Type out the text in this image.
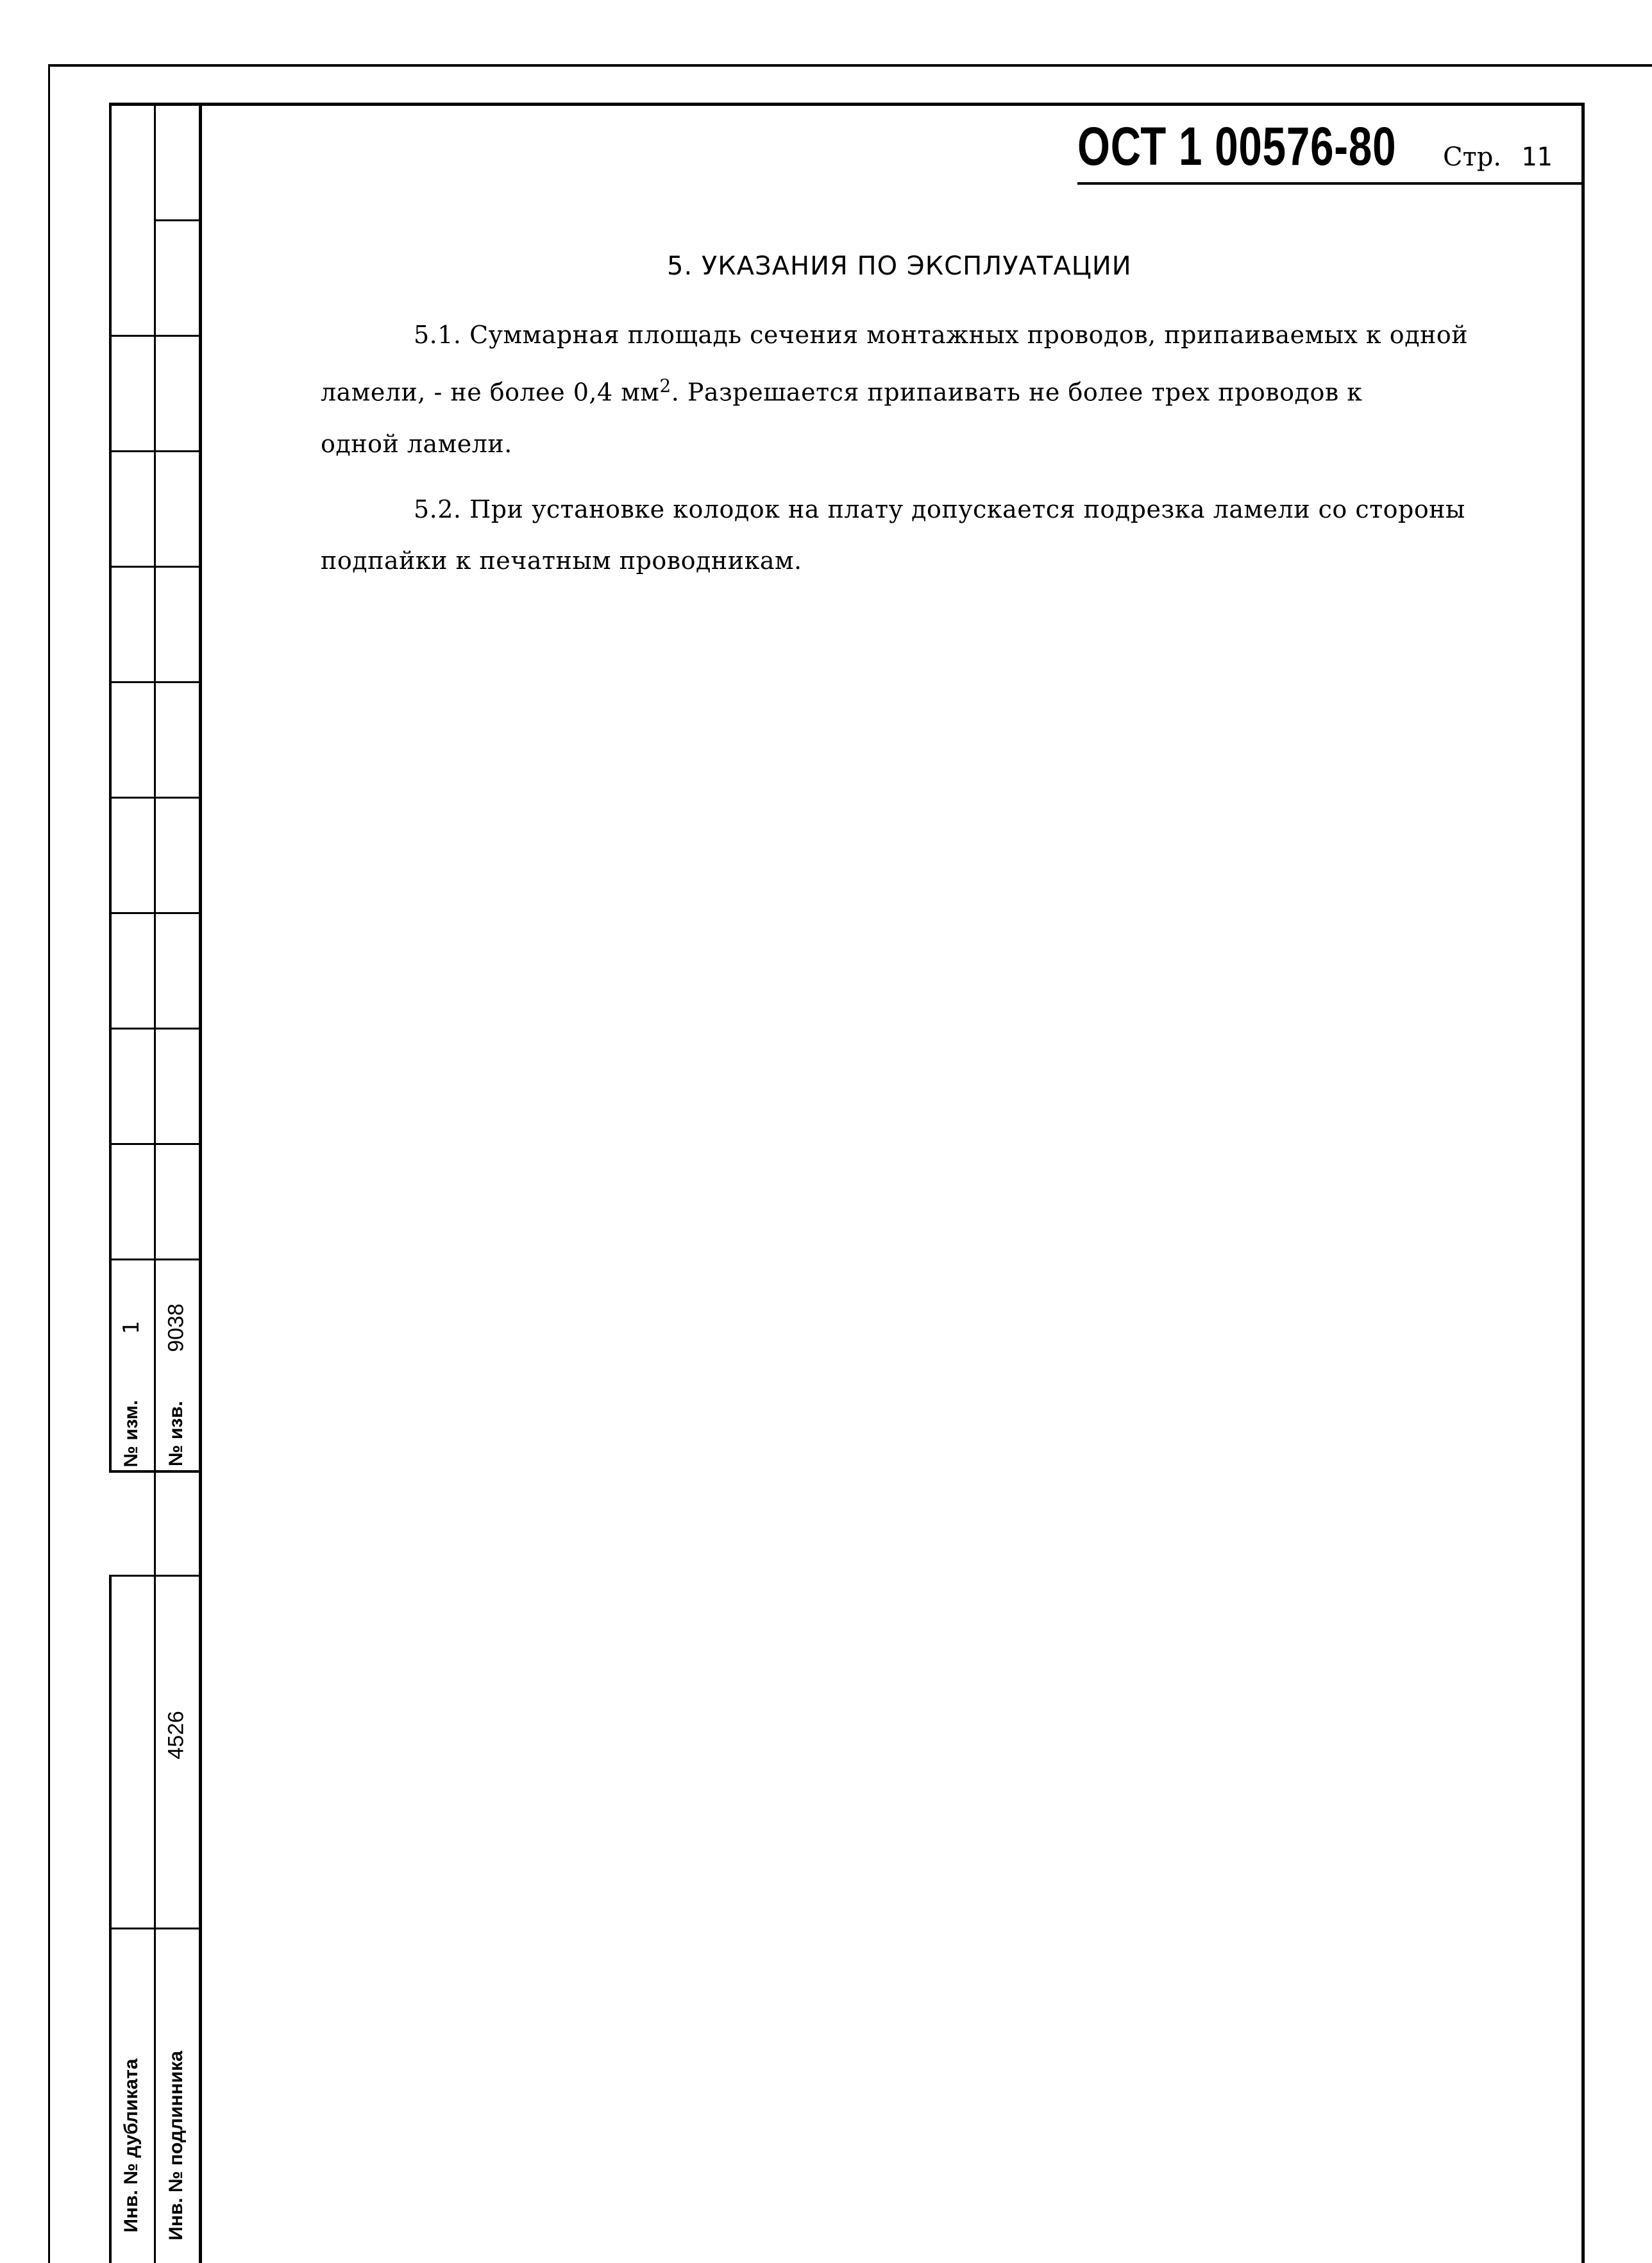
№ изм.
1
№ изв.
9038
4526
Инв. № дубликата Инв. № подлинника
ОСТ 1 00576-80 Стр. 11
5. УКАЗАНИЯ ПО ЭКСПЛУАТАЦИИ

5.1. Суммарная площадь сечения монтажных проводов, припаиваемых к одной
ламели, - не более 0,4 $мм^2$. Разрешается припаивать не более трех проводов к
одной ламели.

5.2. При установке колодок на плату допускается подрезка ламели со стороны
подпайки к печатным проводникам.
